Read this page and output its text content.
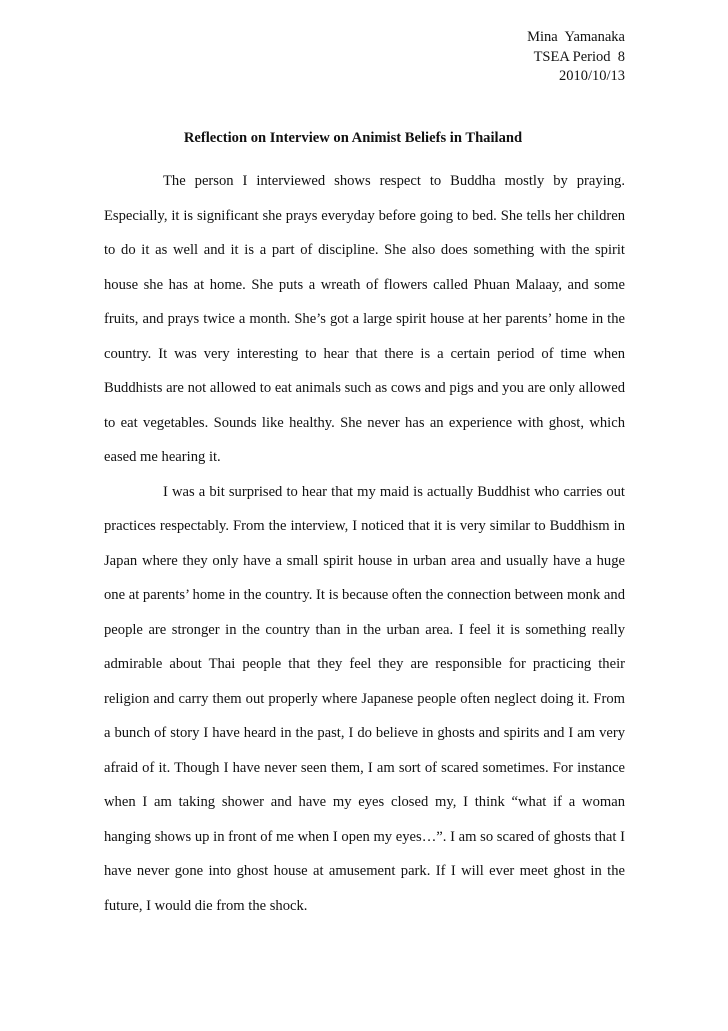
Mina  Yamanaka
TSEA Period  8
2010/10/13
Reflection on Interview on Animist Beliefs in Thailand

The person I interviewed shows respect to Buddha mostly by praying. Especially, it is significant she prays everyday before going to bed. She tells her children to do it as well and it is a part of discipline. She also does something with the spirit house she has at home. She puts a wreath of flowers called Phuan Malaay, and some fruits, and prays twice a month. She’s got a large spirit house at her parents’ home in the country. It was very interesting to hear that there is a certain period of time when Buddhists are not allowed to eat animals such as cows and pigs and you are only allowed to eat vegetables. Sounds like healthy. She never has an experience with ghost, which eased me hearing it.

I was a bit surprised to hear that my maid is actually Buddhist who carries out practices respectably. From the interview, I noticed that it is very similar to Buddhism in Japan where they only have a small spirit house in urban area and usually have a huge one at parents’ home in the country. It is because often the connection between monk and people are stronger in the country than in the urban area. I feel it is something really admirable about Thai people that they feel they are responsible for practicing their religion and carry them out properly where Japanese people often neglect doing it. From a bunch of story I have heard in the past, I do believe in ghosts and spirits and I am very afraid of it. Though I have never seen them, I am sort of scared sometimes. For instance when I am taking shower and have my eyes closed my, I think “what if a woman hanging shows up in front of me when I open my eyes…”. I am so scared of ghosts that I have never gone into ghost house at amusement park. If I will ever meet ghost in the future, I would die from the shock.
